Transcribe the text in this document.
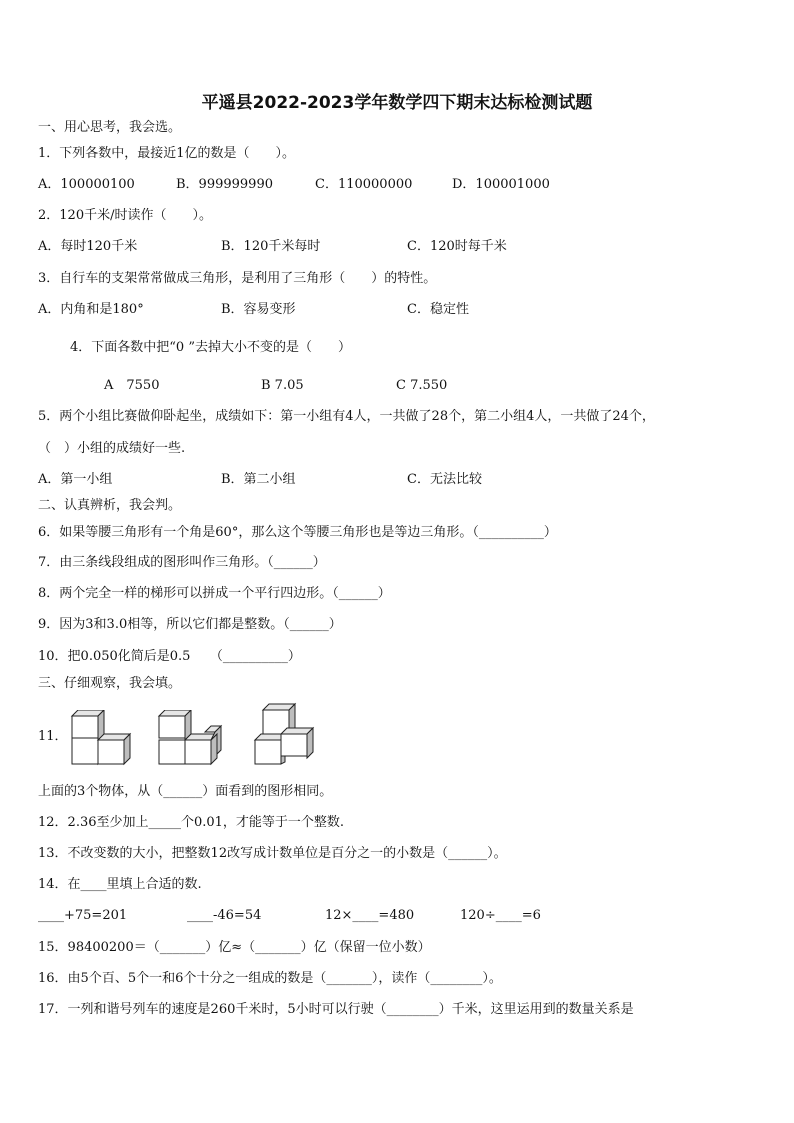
平遥县2022-2023学年数学四下期末达标检测试题
一、用心思考，我会选。
1．下列各数中，最接近1亿的数是（　　）。
A．100000100	B．999999990	C．110000000	D．100001000
2．120千米/时读作（　　）。
A．每时120千米	B．120千米每时	C．120时每千米
3．自行车的支架常常做成三角形，是利用了三角形（　　）的特性。
A．内角和是180°	B．容易变形	C．稳定性
4．下面各数中把“0 ”去掉大小不变的是（　　）
A　7550	B 7.05	C 7.550
5．两个小组比赛做仰卧起坐，成绩如下：第一小组有4人，一共做了28个，第二小组4人，一共做了24个，
（　）小组的成绩好一些.
A．第一小组	B．第二小组	C．无法比较
二、认真辨析，我会判。
6．如果等腰三角形有一个角是60°，那么这个等腰三角形也是等边三角形。（__________）
7．由三条线段组成的图形叫作三角形。（______）
8．两个完全一样的梯形可以拼成一个平行四边形。（______）
9．因为3和3.0相等，所以它们都是整数。（______）
10．把0.050化简后是0.5　　（__________）
三、仔细观察，我会填。
11．
上面的3个物体，从（______）面看到的图形相同。
12．2.36至少加上_____个0.01，才能等于一个整数.
13．不改变数的大小，把整数12改写成计数单位是百分之一的小数是（______）。
14．在____里填上合适的数.
____+75=201	____-46=54	12×____=480	120÷____=6
15．98400200＝（_______）亿≈（_______）亿（保留一位小数）
16．由5个百、5个一和6个十分之一组成的数是（_______），读作（________）。
17．一列和谐号列车的速度是260千米时，5小时可以行驶（________）千米，这里运用到的数量关系是
